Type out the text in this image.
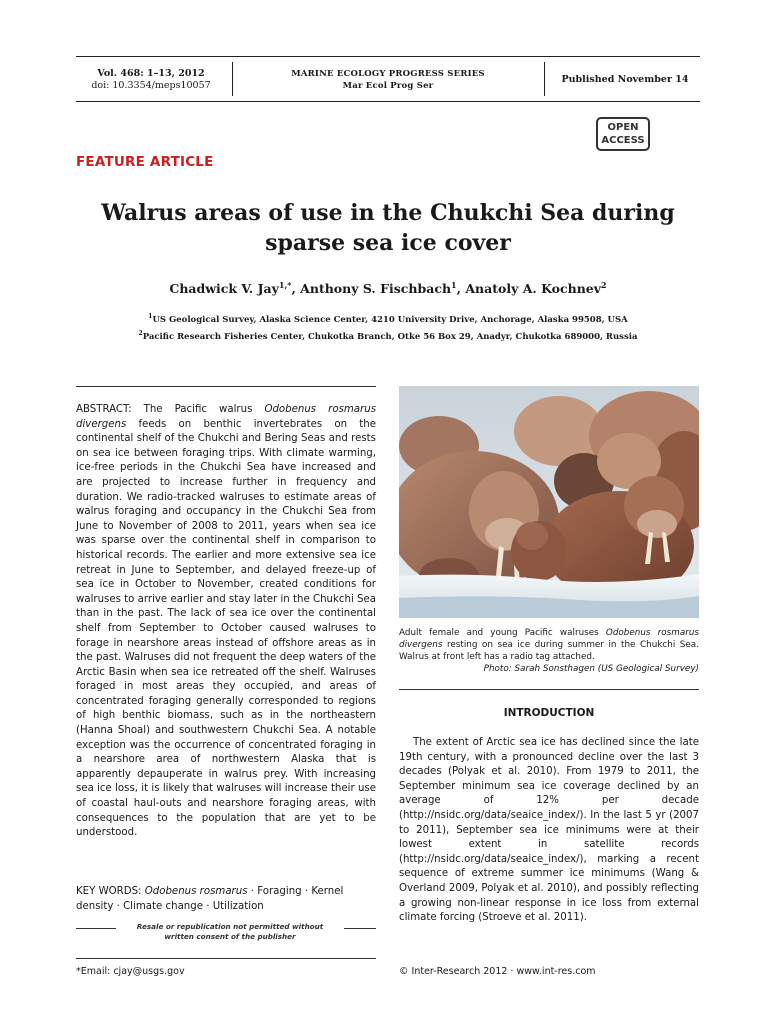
Vol. 468: 1–13, 2012
doi: 10.3354/meps10057
MARINE ECOLOGY PROGRESS SERIES
Mar Ecol Prog Ser
Published November 14
OPEN
ACCESS
FEATURE ARTICLE
Walrus areas of use in the Chukchi Sea during
sparse sea ice cover
Chadwick V. Jay$^{1,*}$, Anthony S. Fischbach$^1$, Anatoly A. Kochnev$^2$
$^1$US Geological Survey, Alaska Science Center, 4210 University Drive, Anchorage, Alaska 99508, USA
$^2$Pacific Research Fisheries Center, Chukotka Branch, Otke 56 Box 29, Anadyr, Chukotka 689000, Russia
ABSTRACT: The Pacific walrus Odobenus rosmarus divergens feeds on benthic invertebrates on the continental shelf of the Chukchi and Bering Seas and rests on sea ice between foraging trips. With climate warming, ice-free periods in the Chukchi Sea have increased and are projected to increase further in frequency and duration. We radio-tracked walruses to estimate areas of walrus foraging and occupancy in the Chukchi Sea from June to November of 2008 to 2011, years when sea ice was sparse over the continental shelf in comparison to historical records. The earlier and more extensive sea ice retreat in June to September, and delayed freeze-up of sea ice in October to November, created conditions for walruses to arrive earlier and stay later in the Chukchi Sea than in the past. The lack of sea ice over the continental shelf from September to October caused walruses to forage in nearshore areas instead of offshore areas as in the past. Walruses did not frequent the deep waters of the Arctic Basin when sea ice retreated off the shelf. Walruses foraged in most areas they occupied, and areas of concentrated foraging generally corresponded to regions of high benthic biomass, such as in the northeastern (Hanna Shoal) and southwestern Chukchi Sea. A notable exception was the occurrence of concentrated foraging in a nearshore area of northwestern Alaska that is apparently depauperate in walrus prey. With increasing sea ice loss, it is likely that walruses will increase their use of coastal haul-outs and nearshore foraging areas, with consequences to the population that are yet to be understood.
KEY WORDS: Odobenus rosmarus · Foraging · Kernel density · Climate change · Utilization
Resale or republication not permitted without
written consent of the publisher
*Email: cjay@usgs.gov
Adult female and young Pacific walruses Odobenus rosmarus divergens resting on sea ice during summer in the Chukchi Sea. Walrus at front left has a radio tag attached.
Photo: Sarah Sonsthagen (US Geological Survey)
INTRODUCTION
The extent of Arctic sea ice has declined since the late 19th century, with a pronounced decline over the last 3 decades (Polyak et al. 2010). From 1979 to 2011, the September minimum sea ice coverage declined by an average of 12% per decade (http://nsidc.org/data/seaice_index/). In the last 5 yr (2007 to 2011), September sea ice minimums were at their lowest extent in satellite records (http://nsidc.org/data/seaice_index/), marking a recent sequence of extreme summer ice minimums (Wang & Overland 2009, Polyak et al. 2010), and possibly reflecting a growing non-linear response in ice loss from external climate forcing (Stroeve et al. 2011).
© Inter-Research 2012 · www.int-res.com
